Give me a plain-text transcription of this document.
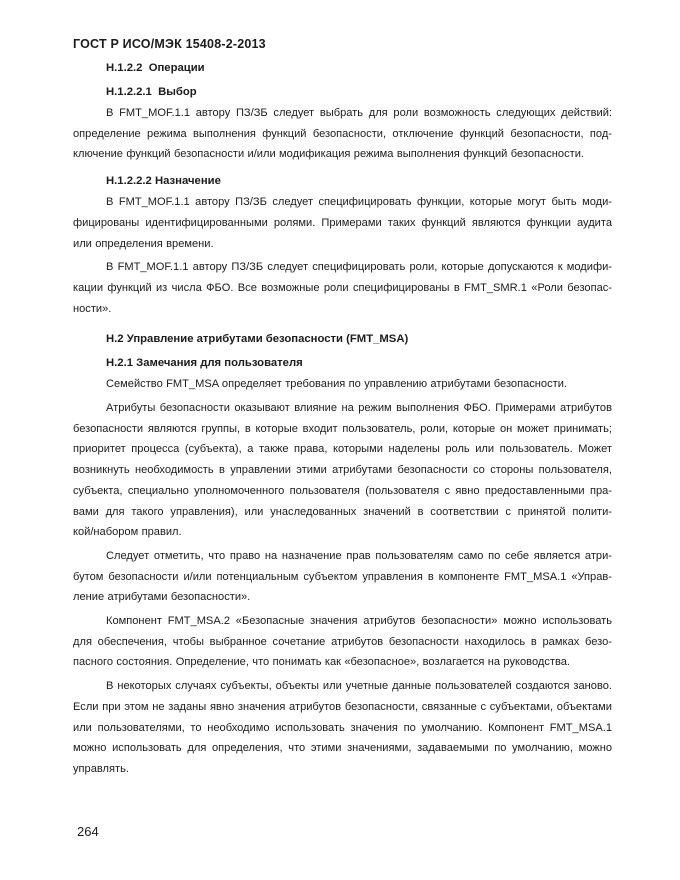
ГОСТ Р ИСО/МЭК 15408-2-2013
Н.1.2.2  Операции
Н.1.2.2.1  Выбор
В FMT_MOF.1.1 автору ПЗ/ЗБ следует выбрать для роли возможность следующих действий:
определение режима выполнения функций безопасности, отключение функций безопасности, под-
ключение функций безопасности и/или модификация режима выполнения функций безопасности.
Н.1.2.2.2 Назначение
В FMT_MOF.1.1 автору ПЗ/ЗБ следует специфицировать функции, которые могут быть моди-
фицированы идентифицированными ролями. Примерами таких функций являются функции аудита
или определения времени.
В FMT_MOF.1.1 автору ПЗ/ЗБ следует специфицировать роли, которые допускаются к модифи-
кации функций из числа ФБО. Все возможные роли специфицированы в FMT_SMR.1 «Роли безопас-
ности».
Н.2 Управление атрибутами безопасности (FMT_MSA)
Н.2.1 Замечания для пользователя
Семейство FMT_MSA определяет требования по управлению атрибутами безопасности.
Атрибуты безопасности оказывают влияние на режим выполнения ФБО. Примерами атрибутов
безопасности являются группы, в которые входит пользователь, роли, которые он может принимать;
приоритет процесса (субъекта), а также права, которыми наделены роль или пользователь. Может
возникнуть необходимость в управлении этими атрибутами безопасности со стороны пользователя,
субъекта, специально уполномоченного пользователя (пользователя с явно предоставленными пра-
вами для такого управления), или унаследованных значений в соответствии с принятой полити-
кой/набором правил.
Следует отметить, что право на назначение прав пользователям само по себе является атри-
бутом безопасности и/или потенциальным субъектом управления в компоненте FMT_MSA.1 «Управ-
ление атрибутами безопасности».
Компонент FMT_MSA.2 «Безопасные значения атрибутов безопасности» можно использовать
для обеспечения, чтобы выбранное сочетание атрибутов безопасности находилось в рамках безо-
пасного состояния. Определение, что понимать как «безопасное», возлагается на руководства.
В некоторых случаях субъекты, объекты или учетные данные пользователей создаются заново.
Если при этом не заданы явно значения атрибутов безопасности, связанные с субъектами, объектами
или пользователями, то необходимо использовать значения по умолчанию. Компонент FMT_MSA.1
можно использовать для определения, что этими значениями, задаваемыми по умолчанию, можно
управлять.
264
